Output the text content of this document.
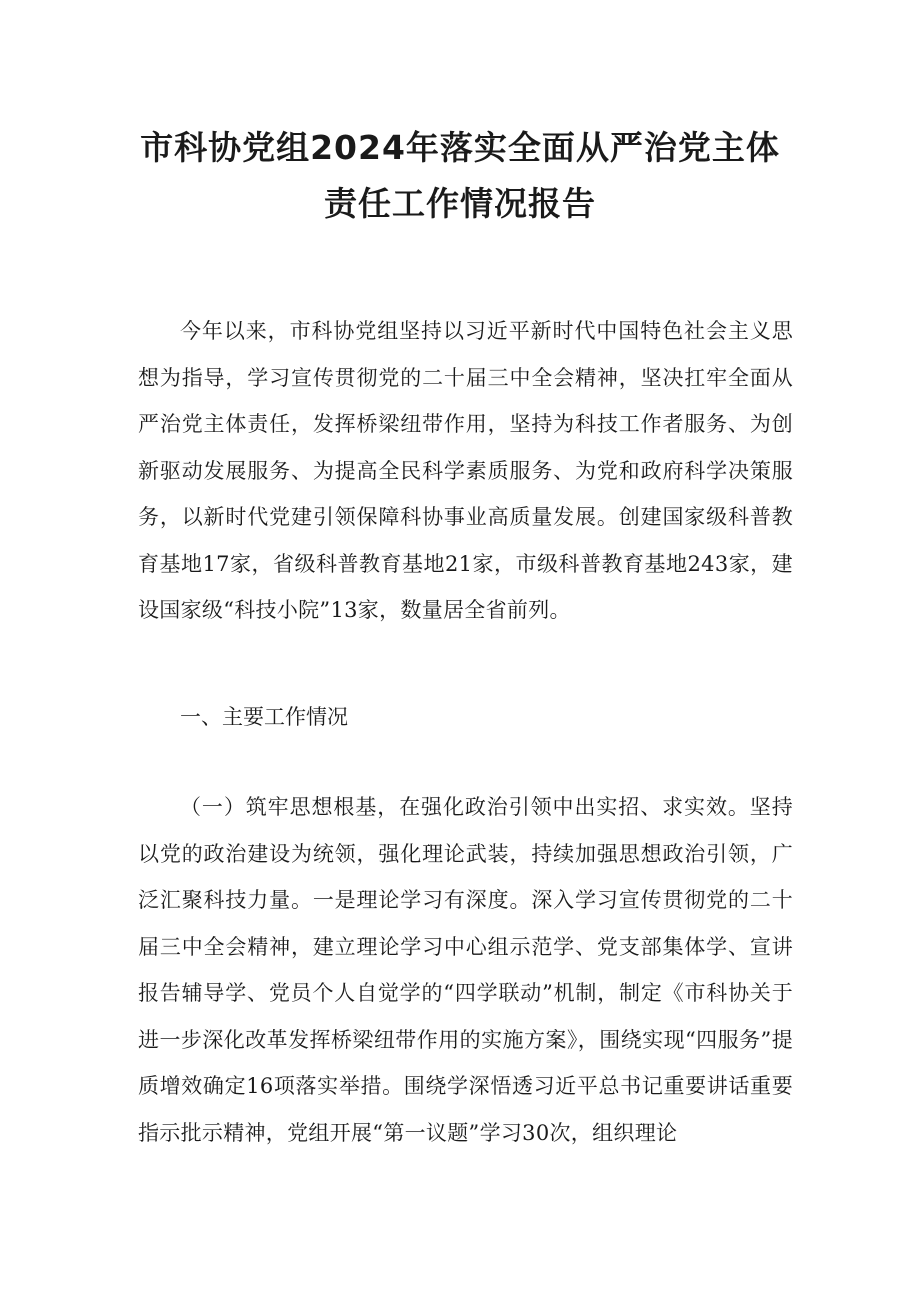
市科协党组2024年落实全面从严治党主体
责任工作情况报告

今年以来，市科协党组坚持以习近平新时代中国特色社会主义思想为指导，学习宣传贯彻党的二十届三中全会精神，坚决扛牢全面从严治党主体责任，发挥桥梁纽带作用，坚持为科技工作者服务、为创新驱动发展服务、为提高全民科学素质服务、为党和政府科学决策服务，以新时代党建引领保障科协事业高质量发展。创建国家级科普教育基地17家，省级科普教育基地21家，市级科普教育基地243家，建设国家级“科技小院”13家，数量居全省前列。

一、主要工作情况

（一）筑牢思想根基，在强化政治引领中出实招、求实效。坚持以党的政治建设为统领，强化理论武装，持续加强思想政治引领，广泛汇聚科技力量。一是理论学习有深度。深入学习宣传贯彻党的二十届三中全会精神，建立理论学习中心组示范学、党支部集体学、宣讲报告辅导学、党员个人自觉学的“四学联动”机制，制定《市科协关于进一步深化改革发挥桥梁纽带作用的实施方案》，围绕实现“四服务”提质增效确定16项落实举措。围绕学深悟透习近平总书记重要讲话重要指示批示精神，党组开展“第一议题”学习30次，组织理论
